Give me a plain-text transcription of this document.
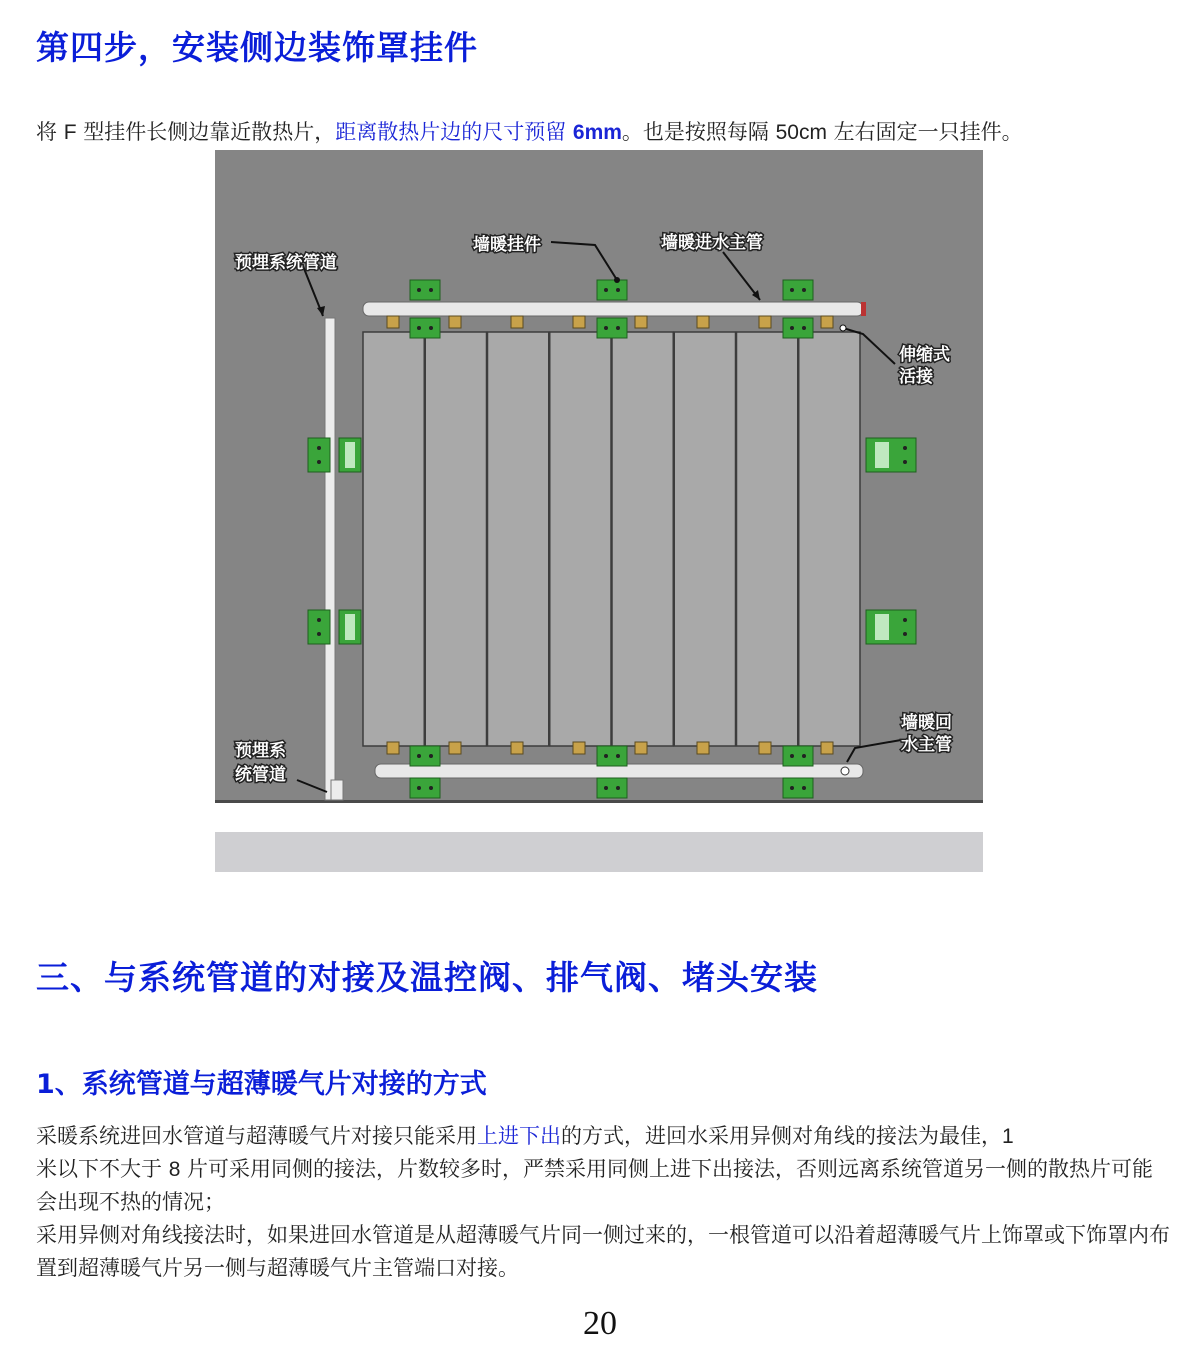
第四步，安装侧边装饰罩挂件
将 F 型挂件长侧边靠近散热片，距离散热片边的尺寸预留 6mm。也是按照每隔 50cm 左右固定一只挂件。
预埋系统管道
墙暖挂件	墙暖进水主管
伸缩式
活接
墙暖回
水主管
预埋系
统管道
三、与系统管道的对接及温控阀、排气阀、堵头安装
1、系统管道与超薄暖气片对接的方式

采暖系统进回水管道与超薄暖气片对接只能采用上进下出的方式，进回水采用异侧对角线的接法为最佳，1
米以下不大于 8 片可采用同侧的接法，片数较多时，严禁采用同侧上进下出接法，否则远离系统管道另一侧的散热片可能会出现不热的情况；

采用异侧对角线接法时，如果进回水管道是从超薄暖气片同一侧过来的，一根管道可以沿着超薄暖气片上饰罩或下饰罩内布置到超薄暖气片另一侧与超薄暖气片主管端口对接。

20
